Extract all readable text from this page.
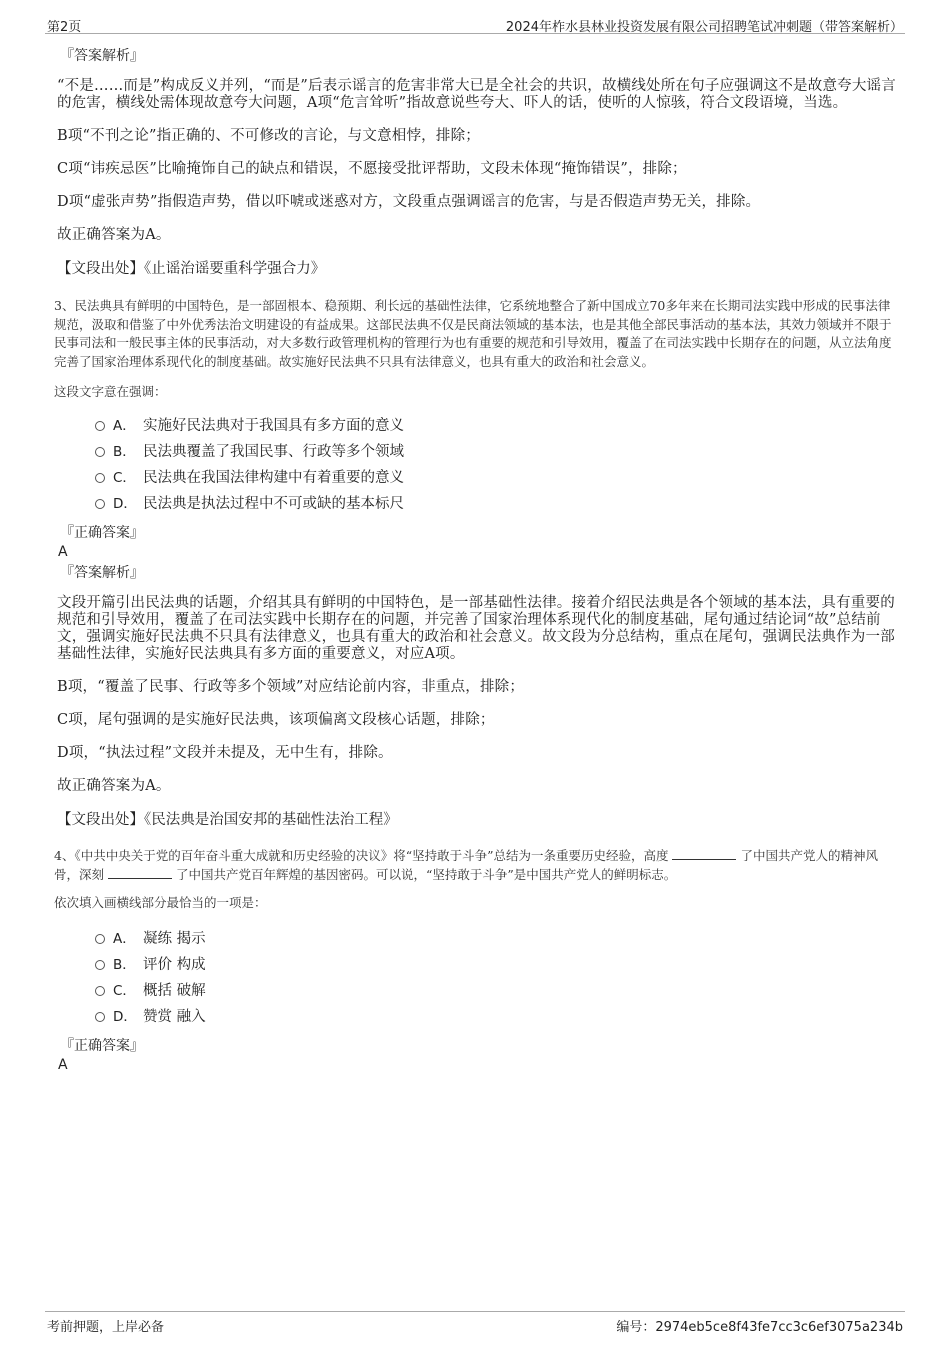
第2页	2024年柞水县林业投资发展有限公司招聘笔试冲刺题（带答案解析）
『答案解析』
“不是……而是”构成反义并列，“而是”后表示谣言的危害非常大已是全社会的共识，故横线处所在句子应强调这不是故意夸大谣言的危害，横线处需体现故意夸大问题，A项“危言耸听”指故意说些夸大、吓人的话，使听的人惊骇，符合文段语境，当选。
B项“不刊之论”指正确的、不可修改的言论，与文意相悖，排除；
C项“讳疾忌医”比喻掩饰自己的缺点和错误，不愿接受批评帮助，文段未体现“掩饰错误”，排除；
D项“虚张声势”指假造声势，借以吓唬或迷惑对方，文段重点强调谣言的危害，与是否假造声势无关，排除。
故正确答案为A。
【文段出处】《止谣治谣要重科学强合力》
3、民法典具有鲜明的中国特色，是一部固根本、稳预期、利长远的基础性法律，它系统地整合了新中国成立70多年来在长期司法实践中形成的民事法律规范，汲取和借鉴了中外优秀法治文明建设的有益成果。这部民法典不仅是民商法领域的基本法，也是其他全部民事活动的基本法，其效力领域并不限于民事司法和一般民事主体的民事活动，对大多数行政管理机构的管理行为也有重要的规范和引导效用，覆盖了在司法实践中长期存在的问题，从立法角度完善了国家治理体系现代化的制度基础。故实施好民法典不只具有法律意义，也具有重大的政治和社会意义。
这段文字意在强调：
A． 实施好民法典对于我国具有多方面的意义
B． 民法典覆盖了我国民事、行政等多个领域
C． 民法典在我国法律构建中有着重要的意义
D． 民法典是执法过程中不可或缺的基本标尺
『正确答案』
A
『答案解析』
文段开篇引出民法典的话题，介绍其具有鲜明的中国特色，是一部基础性法律。接着介绍民法典是各个领域的基本法，具有重要的规范和引导效用，覆盖了在司法实践中长期存在的问题，并完善了国家治理体系现代化的制度基础，尾句通过结论词“故”总结前文，强调实施好民法典不只具有法律意义，也具有重大的政治和社会意义。故文段为分总结构，重点在尾句，强调民法典作为一部基础性法律，实施好民法典具有多方面的重要意义，对应A项。
B项，“覆盖了民事、行政等多个领域”对应结论前内容，非重点，排除；
C项，尾句强调的是实施好民法典，该项偏离文段核心话题，排除；
D项，“执法过程”文段并未提及，无中生有，排除。
故正确答案为A。
【文段出处】《民法典是治国安邦的基础性法治工程》
4、《中共中央关于党的百年奋斗重大成就和历史经验的决议》将“坚持敢于斗争”总结为一条重要历史经验，高度	了中国共产党人的精神风骨，深刻	了中国共产党百年辉煌的基因密码。可以说，“坚持敢于斗争”是中国共产党人的鲜明标志。
依次填入画横线部分最恰当的一项是：
A． 凝练 揭示
B． 评价 构成
C． 概括 破解
D． 赞赏 融入
『正确答案』
A
考前押题，上岸必备	编号：2974eb5ce8f43fe7cc3c6ef3075a234b
